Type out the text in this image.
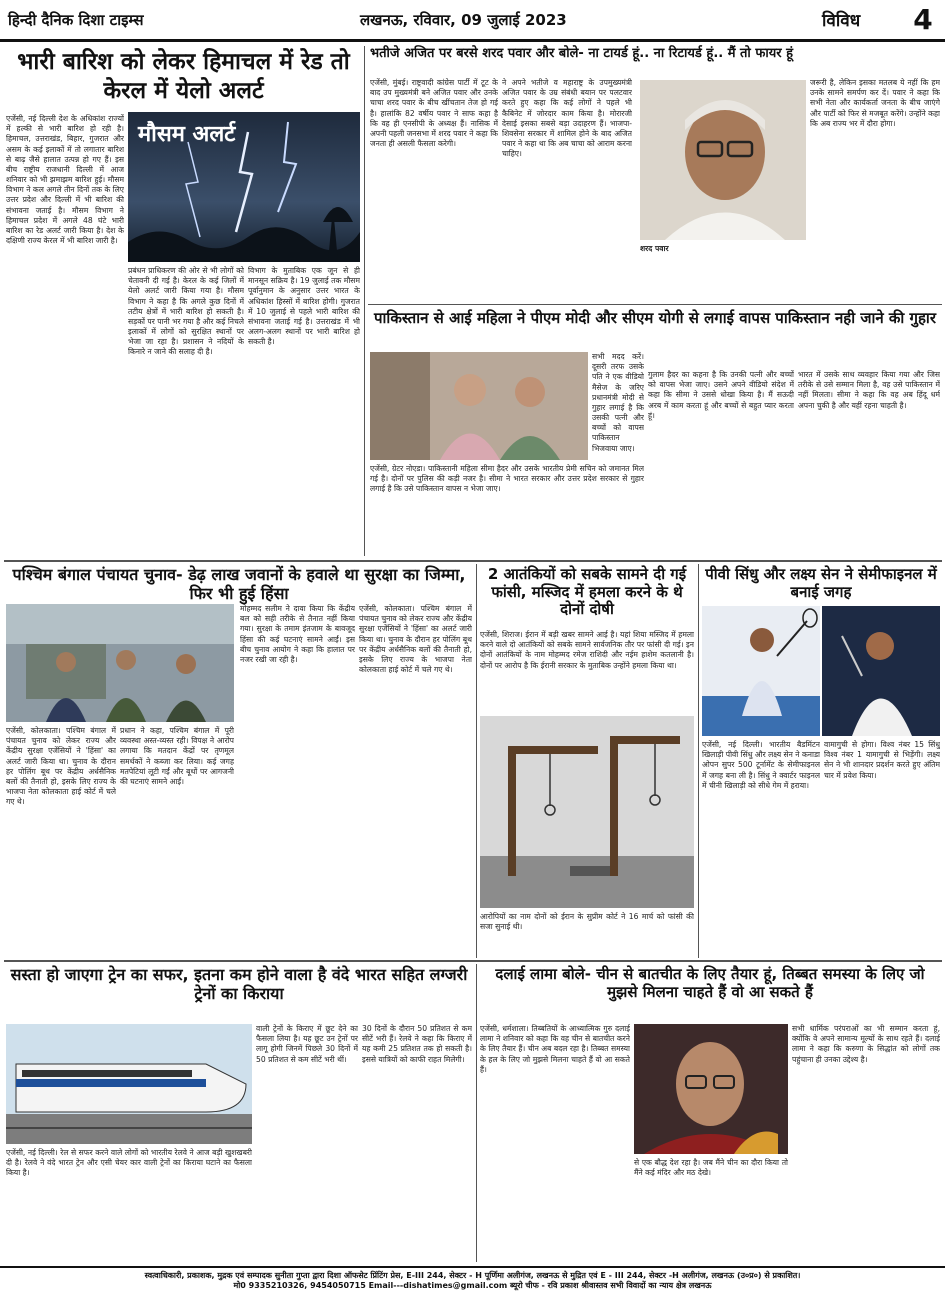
हिन्दी दैनिक दिशा टाइम्स	लखनऊ, रविवार, 09 जुलाई 2023	विविध 4
भारी बारिश को लेकर हिमाचल में रेड तो केरल में येलो अलर्ट
एजेंसी, नई दिल्ली देश के अधिकांश राज्यों में हल्की से भारी बारिश हो रही है। हिमाचल, उत्तराखंड, बिहार, गुजरात और असम के कई इलाकों में तो लगातार बारिश से बाढ़ जैसे हालात उत्पन्न हो गए हैं। इस बीच राष्ट्रीय राजधानी दिल्ली में आज शनिवार को भी झमाझम बारिश हुई। मौसम विभाग ने कल अगले तीन दिनों तक के लिए उत्तर प्रदेश और दिल्ली में भी बारिश की संभावना जताई है। मौसम विभाग ने हिमाचल प्रदेश में अगले 48 घंटे भारी बारिश का रेड अलर्ट जारी किया है। देश के दक्षिणी राज्य केरल में भी बारिश जारी है।
मौसम अलर्ट
प्रबंधन प्राधिकरण की ओर से भी लोगों को चेतावनी दी गई है। केरल के कई जिलों में येलो अलर्ट जारी किया गया है। मौसम विभाग ने कहा है कि अगले कुछ दिनों में तटीय क्षेत्रों में भारी बारिश हो सकती है। सड़कों पर पानी भर गया है और कई निचले इलाकों में लोगों को सुरक्षित स्थानों पर भेजा जा रहा है। प्रशासन ने नदियों के किनारे न जाने की सलाह दी है।
विभाग के मुताबिक एक जून से ही मानसून सक्रिय है। 19 जुलाई तक मौसम पूर्वानुमान के अनुसार उत्तर भारत के अधिकांश हिस्सों में बारिश होगी। गुजरात में 10 जुलाई से पहले भारी बारिश की संभावना जताई गई है। उत्तराखंड में भी अलग-अलग स्थानों पर भारी बारिश हो सकती है।
भतीजे अजित पर बरसे शरद पवार और बोले- ना टायर्ड हूं.. ना रिटायर्ड हूं.. मैं तो फायर हूं
एजेंसी, मुंबई। राष्ट्रवादी कांग्रेस पार्टी में टूट के बाद उप मुख्यमंत्री बने अजित पवार और उनके चाचा शरद पवार के बीच खींचतान तेज हो गई है। हालांकि 82 वर्षीय पवार ने साफ कहा है कि वह ही एनसीपी के अध्यक्ष हैं। नासिक में अपनी पहली जनसभा में शरद पवार ने कहा कि जनता ही असली फैसला करेगी।
ने अपने भतीजे व महाराष्ट्र के उपमुख्यमंत्री अजित पवार के उम्र संबंधी बयान पर पलटवार करते हुए कहा कि कई लोगों ने पहले भी कैबिनेट में जोरदार काम किया है। मोरारजी देसाई इसका सबसे बड़ा उदाहरण हैं। भाजपा-शिवसेना सरकार में शामिल होने के बाद अजित पवार ने कहा था कि अब चाचा को आराम करना चाहिए।
शरद पवार
जरूरी है, लेकिन इसका मतलब ये नहीं कि हम उनके सामने समर्पण कर दें। पवार ने कहा कि सभी नेता और कार्यकर्ता जनता के बीच जाएंगे और पार्टी को फिर से मजबूत करेंगे। उन्होंने कहा कि अब राज्य भर में दौरा होगा।
पाकिस्तान से आई महिला ने पीएम मोदी और सीएम योगी से लगाई वापस पाकिस्तान नही जाने की गुहार
सभी मदद करें। दूसरी तरफ उसके पति ने एक वीडियो मैसेज के जरिए प्रधानमंत्री मोदी से गुहार लगाई है कि उसकी पत्नी और बच्चों को वापस पाकिस्तान भिजवाया जाए।
एजेंसी, ग्रेटर नोएडा। पाकिस्तानी महिला सीमा हैदर और उसके भारतीय प्रेमी सचिन को जमानत मिल गई है। दोनों पर पुलिस की कड़ी नजर है। सीमा ने भारत सरकार और उत्तर प्रदेश सरकार से गुहार लगाई है कि उसे पाकिस्तान वापस न भेजा जाए।
गुलाम हैदर का कहना है कि उनकी पत्नी और बच्चों को वापस भेजा जाए। उसने अपने वीडियो संदेश में कहा कि सीमा ने उससे धोखा किया है। मैं सऊदी अरब में काम करता हूं और बच्चों से बहुत प्यार करता हूं।
भारत में उसके साथ व्यवहार किया गया और जिस तरीके से उसे सम्मान मिला है, वह उसे पाकिस्तान में नहीं मिलता। सीमा ने कहा कि वह अब हिंदू धर्म अपना चुकी है और यहीं रहना चाहती है।
पश्चिम बंगाल पंचायत चुनाव- डेढ़ लाख जवानों के हवाले था सुरक्षा का जिम्मा, फिर भी हुई हिंसा
एजेंसी, कोलकाता। पश्चिम बंगाल में पंचायत चुनाव को लेकर राज्य और केंद्रीय सुरक्षा एजेंसियों ने 'हिंसा' का अलर्ट जारी किया था। चुनाव के दौरान हर पोलिंग बूथ पर केंद्रीय अर्धसैनिक बलों की तैनाती हो, इसके लिए राज्य के भाजपा नेता कोलकाता हाई कोर्ट में चले गए थे।
प्रधान ने कहा, पश्चिम बंगाल में पूरी व्यवस्था अस्त-व्यस्त रही। विपक्ष ने आरोप लगाया कि मतदान केंद्रों पर तृणमूल समर्थकों ने कब्जा कर लिया। कई जगह मतपेटियां लूटी गईं और बूथों पर आगजनी की घटनाएं सामने आईं।
मोहम्मद सलीम ने दावा किया कि केंद्रीय बल को सही तरीके से तैनात नहीं किया गया। सुरक्षा के तमाम इंतजाम के बावजूद हिंसा की कई घटनाएं सामने आईं। इस बीच चुनाव आयोग ने कहा कि हालात पर नजर रखी जा रही है।
एजेंसी, कोलकाता। पश्चिम बंगाल में पंचायत चुनाव को लेकर राज्य और केंद्रीय सुरक्षा एजेंसियों ने 'हिंसा' का अलर्ट जारी किया था। चुनाव के दौरान हर पोलिंग बूथ पर केंद्रीय अर्धसैनिक बलों की तैनाती हो, इसके लिए राज्य के भाजपा नेता कोलकाता हाई कोर्ट में चले गए थे।
2 आतंकियों को सबके सामने दी गई फांसी, मस्जिद में हमला करने के थे दोनों दोषी
एजेंसी, शिराज। ईरान में बड़ी खबर सामने आई है। यहां शिया मस्जिद में हमला करने वाले दो आतंकियों को सबके सामने सार्वजनिक तौर पर फांसी दी गई। इन दोनों आतंकियों के नाम मोहम्मद रमेज राशिदी और नईम हाशेम कतलानी है। दोनों पर आरोप है कि ईरानी सरकार के मुताबिक उन्होंने हमला किया था।
आरोपियों का नाम दोनों को ईरान के सुप्रीम कोर्ट ने 16 मार्च को फांसी की सजा सुनाई थी।
पीवी सिंधु और लक्ष्य सेन ने सेमीफाइनल में बनाई जगह
एजेंसी, नई दिल्ली। भारतीय बैडमिंटन खिलाड़ी पीवी सिंधु और लक्ष्य सेन ने कनाडा ओपन सुपर 500 टूर्नामेंट के सेमीफाइनल में जगह बना ली है। सिंधु ने क्वार्टर फाइनल में चीनी खिलाड़ी को सीधे गेम में हराया।
वामागुची से होगा। विश्व नंबर 15 सिंधु विश्व नंबर 1 यामागुची से भिड़ेंगी। लक्ष्य सेन ने भी शानदार प्रदर्शन करते हुए अंतिम चार में प्रवेश किया।
सस्ता हो जाएगा ट्रेन का सफर, इतना कम होने वाला है वंदे भारत सहित लग्जरी ट्रेनों का किराया
एजेंसी, नई दिल्ली। रेल से सफर करने वाले लोगों को भारतीय रेलवे ने आज बड़ी खुशखबरी दी है। रेलवे ने वंदे भारत ट्रेन और एसी चेयर कार वाली ट्रेनों का किराया घटाने का फैसला किया है।
वाली ट्रेनों के किराए में छूट देने का फैसला लिया है। यह छूट उन ट्रेनों पर लागू होगी जिनमें पिछले 30 दिनों में 50 प्रतिशत से कम सीटें भरी थीं।
30 दिनों के दौरान 50 प्रतिशत से कम सीटें भरी हैं। रेलवे ने कहा कि किराए में यह कमी 25 प्रतिशत तक हो सकती है। इससे यात्रियों को काफी राहत मिलेगी।
दलाई लामा बोले- चीन से बातचीत के लिए तैयार हूं, तिब्बत समस्या के लिए जो मुझसे मिलना चाहते हैं वो आ सकते हैं
एजेंसी, धर्मशाला। तिब्बतियों के आध्यात्मिक गुरु दलाई लामा ने शनिवार को कहा कि वह चीन से बातचीत करने के लिए तैयार हैं। चीन अब बदल रहा है। तिब्बत समस्या के हल के लिए जो मुझसे मिलना चाहते हैं वो आ सकते हैं।
से एक बौद्ध देश रहा है। जब मैंने चीन का दौरा किया तो मैंने कई मंदिर और मठ देखे।
सभी धार्मिक परंपराओं का भी सम्मान करता हूं, क्योंकि वे अपने सामान्य मूल्यों के साथ रहते हैं। दलाई लामा ने कहा कि करुणा के सिद्धांत को लोगों तक पहुंचाना ही उनका उद्देश्य है।
स्वत्वाधिकारी, प्रकाशक, मुद्रक एवं सम्पादक सुनीता गुप्ता द्वारा दिशा ऑफसेट प्रिंटिंग प्रेस, E-III 244, सेक्टर - H पूर्णिमा अलीगंज, लखनऊ से मुद्रित एवं E - III 244, सेक्टर -H अलीगंज, लखनऊ (उ०प्र०) से प्रकाशित।
मो0 9335210326, 9454050715 Email---dishatimes@gmail.com ब्यूरो चीफ - रवि प्रकाश श्रीवास्तव सभी विवादों का न्याय क्षेत्र लखनऊ
